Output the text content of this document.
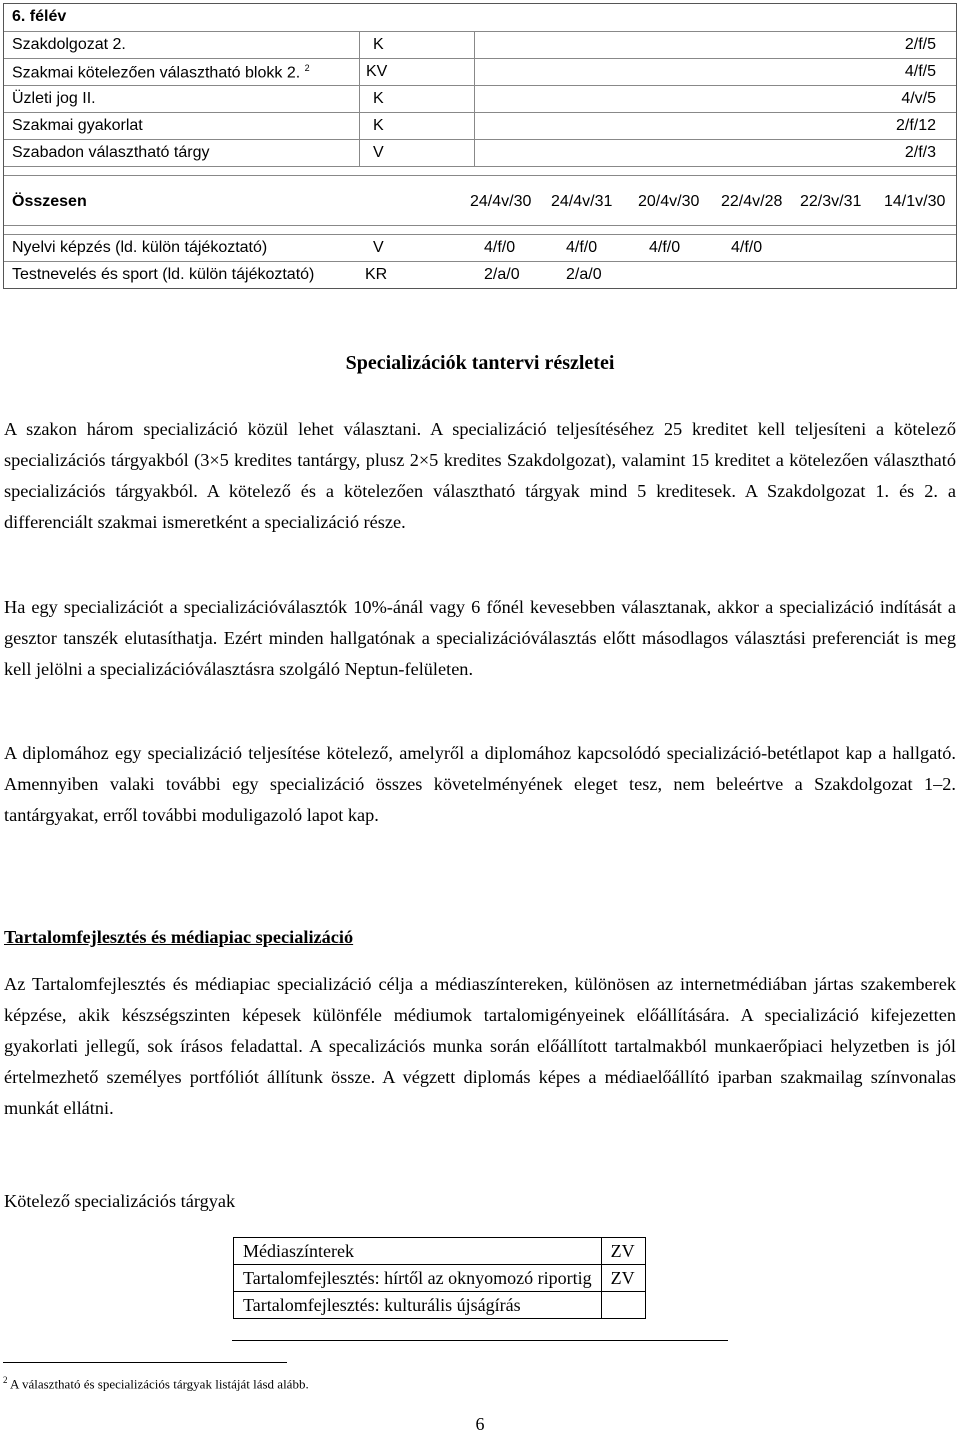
6. félév
Szakdolgozat 2.	K	2/f/5
Szakmai kötelezően választható blokk 2. $^2$	KV	4/f/5
Üzleti jog II.	K	4/v/5
Szakmai gyakorlat	K	2/f/12
Szabadon választható tárgy	V	2/f/3
Összesen	24/4v/30 24/4v/31 20/4v/30 22/4v/28 22/3v/31 14/1v/30
Nyelvi képzés (ld. külön tájékoztató)	V	4/f/0	4/f/0	4/f/0	4/f/0
Testnevelés és sport (ld. külön tájékoztató)	KR	2/a/0	2/a/0
Specializációk tantervi részletei
A szakon három specializáció közül lehet választani. A specializáció teljesítéséhez 25 kreditet kell teljesíteni a kötelező specializációs tárgyakból (3×5 kredites tantárgy, plusz 2×5 kredites Szakdolgozat), valamint 15 kreditet a kötelezően választható specializációs tárgyakból. A kötelező és a kötelezően választható tárgyak mind 5 kreditesek. A Szakdolgozat 1. és 2. a differenciált szakmai ismeretként a specializáció része.
Ha egy specializációt a specializációválasztók 10%-ánál vagy 6 főnél kevesebben választanak, akkor a specializáció indítását a gesztor tanszék elutasíthatja. Ezért minden hallgatónak a specializációválasztás előtt másodlagos választási preferenciát is meg kell jelölni a specializációválasztásra szolgáló Neptun-felületen.
A diplomához egy specializáció teljesítése kötelező, amelyről a diplomához kapcsolódó specializáció-betétlapot kap a hallgató. Amennyiben valaki további egy specializáció összes követelményének eleget tesz, nem beleértve a Szakdolgozat 1–2. tantárgyakat, erről további moduligazoló lapot kap.
Tartalomfejlesztés és médiapiac specializáció
Az Tartalomfejlesztés és médiapiac specializáció célja a médiaszíntereken, különösen az internetmédiában jártas szakemberek képzése, akik készségszinten képesek különféle médiumok tartalomigényeinek előállítására. A specializáció kifejezetten gyakorlati jellegű, sok írásos feladattal. A specalizációs munka során előállított tartalmakból munkaerőpiaci helyzetben is jól értelmezhető személyes portfóliót állítunk össze. A végzett diplomás képes a médiaelőállító iparban szakmailag színvonalas munkát ellátni.
Kötelező specializációs tárgyak
Médiaszínterek	ZV
Tartalomfejlesztés: hírtől az oknyomozó riportig	ZV
Tartalomfejlesztés: kulturális újságírás	
$^2$ A választható és specializációs tárgyak listáját lásd alább.
6
